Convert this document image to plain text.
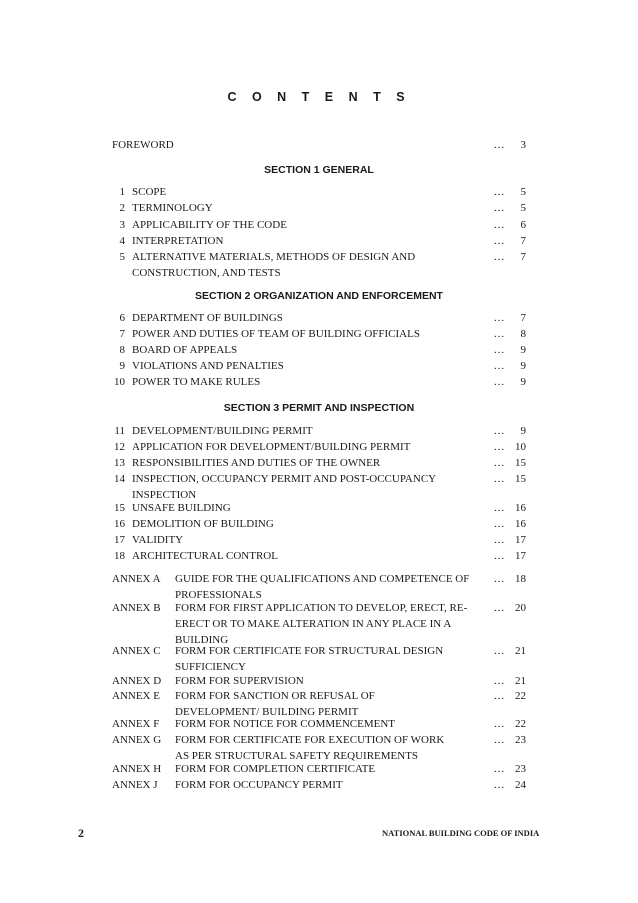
C O N T E N T S
FOREWORD	…	3
SECTION 1 GENERAL
1 SCOPE	…	5
2 TERMINOLOGY	…	5
3 APPLICABILITY OF THE CODE	…	6
4 INTERPRETATION	…	7
5 ALTERNATIVE MATERIALS, METHODS OF DESIGN AND CONSTRUCTION, AND TESTS
…	7
SECTION 2 ORGANIZATION AND ENFORCEMENT
6 DEPARTMENT OF BUILDINGS	…	7
7 POWER AND DUTIES OF TEAM OF BUILDING OFFICIALS	…	8
8 BOARD OF APPEALS	…	9
9 VIOLATIONS AND PENALTIES	…	9
10 POWER TO MAKE RULES	…	9
SECTION 3 PERMIT AND INSPECTION
11 DEVELOPMENT/BUILDING PERMIT	…	9
12 APPLICATION FOR DEVELOPMENT/BUILDING PERMIT	… 10
13 RESPONSIBILITIES AND DUTIES OF THE OWNER	… 15
14 INSPECTION, OCCUPANCY PERMIT AND POST-OCCUPANCY INSPECTION
… 15
15 UNSAFE BUILDING	… 16
16 DEMOLITION OF BUILDING	… 16
17 VALIDITY	… 17
18 ARCHITECTURAL CONTROL	… 17
ANNEX A	GUIDE FOR THE QUALIFICATIONS AND COMPETENCE OF PROFESSIONALS
… 18
ANNEX B	FORM FOR FIRST APPLICATION TO DEVELOP, ERECT, RE-ERECT OR TO MAKE ALTERATION IN ANY PLACE IN A BUILDING
… 20
ANNEX C	FORM FOR CERTIFICATE FOR STRUCTURAL DESIGN SUFFICIENCY
… 21
ANNEX D	FORM FOR SUPERVISION	… 21
ANNEX E	FORM FOR SANCTION OR REFUSAL OF DEVELOPMENT/ BUILDING PERMIT
… 22
ANNEX F	FORM FOR NOTICE FOR COMMENCEMENT	… 22
ANNEX G	FORM FOR CERTIFICATE FOR EXECUTION OF WORK AS PER STRUCTURAL SAFETY REQUIREMENTS
… 23
ANNEX H	FORM FOR COMPLETION CERTIFICATE	… 23
ANNEX J	FORM FOR OCCUPANCY PERMIT	… 24
2	NATIONAL BUILDING CODE OF INDIA
